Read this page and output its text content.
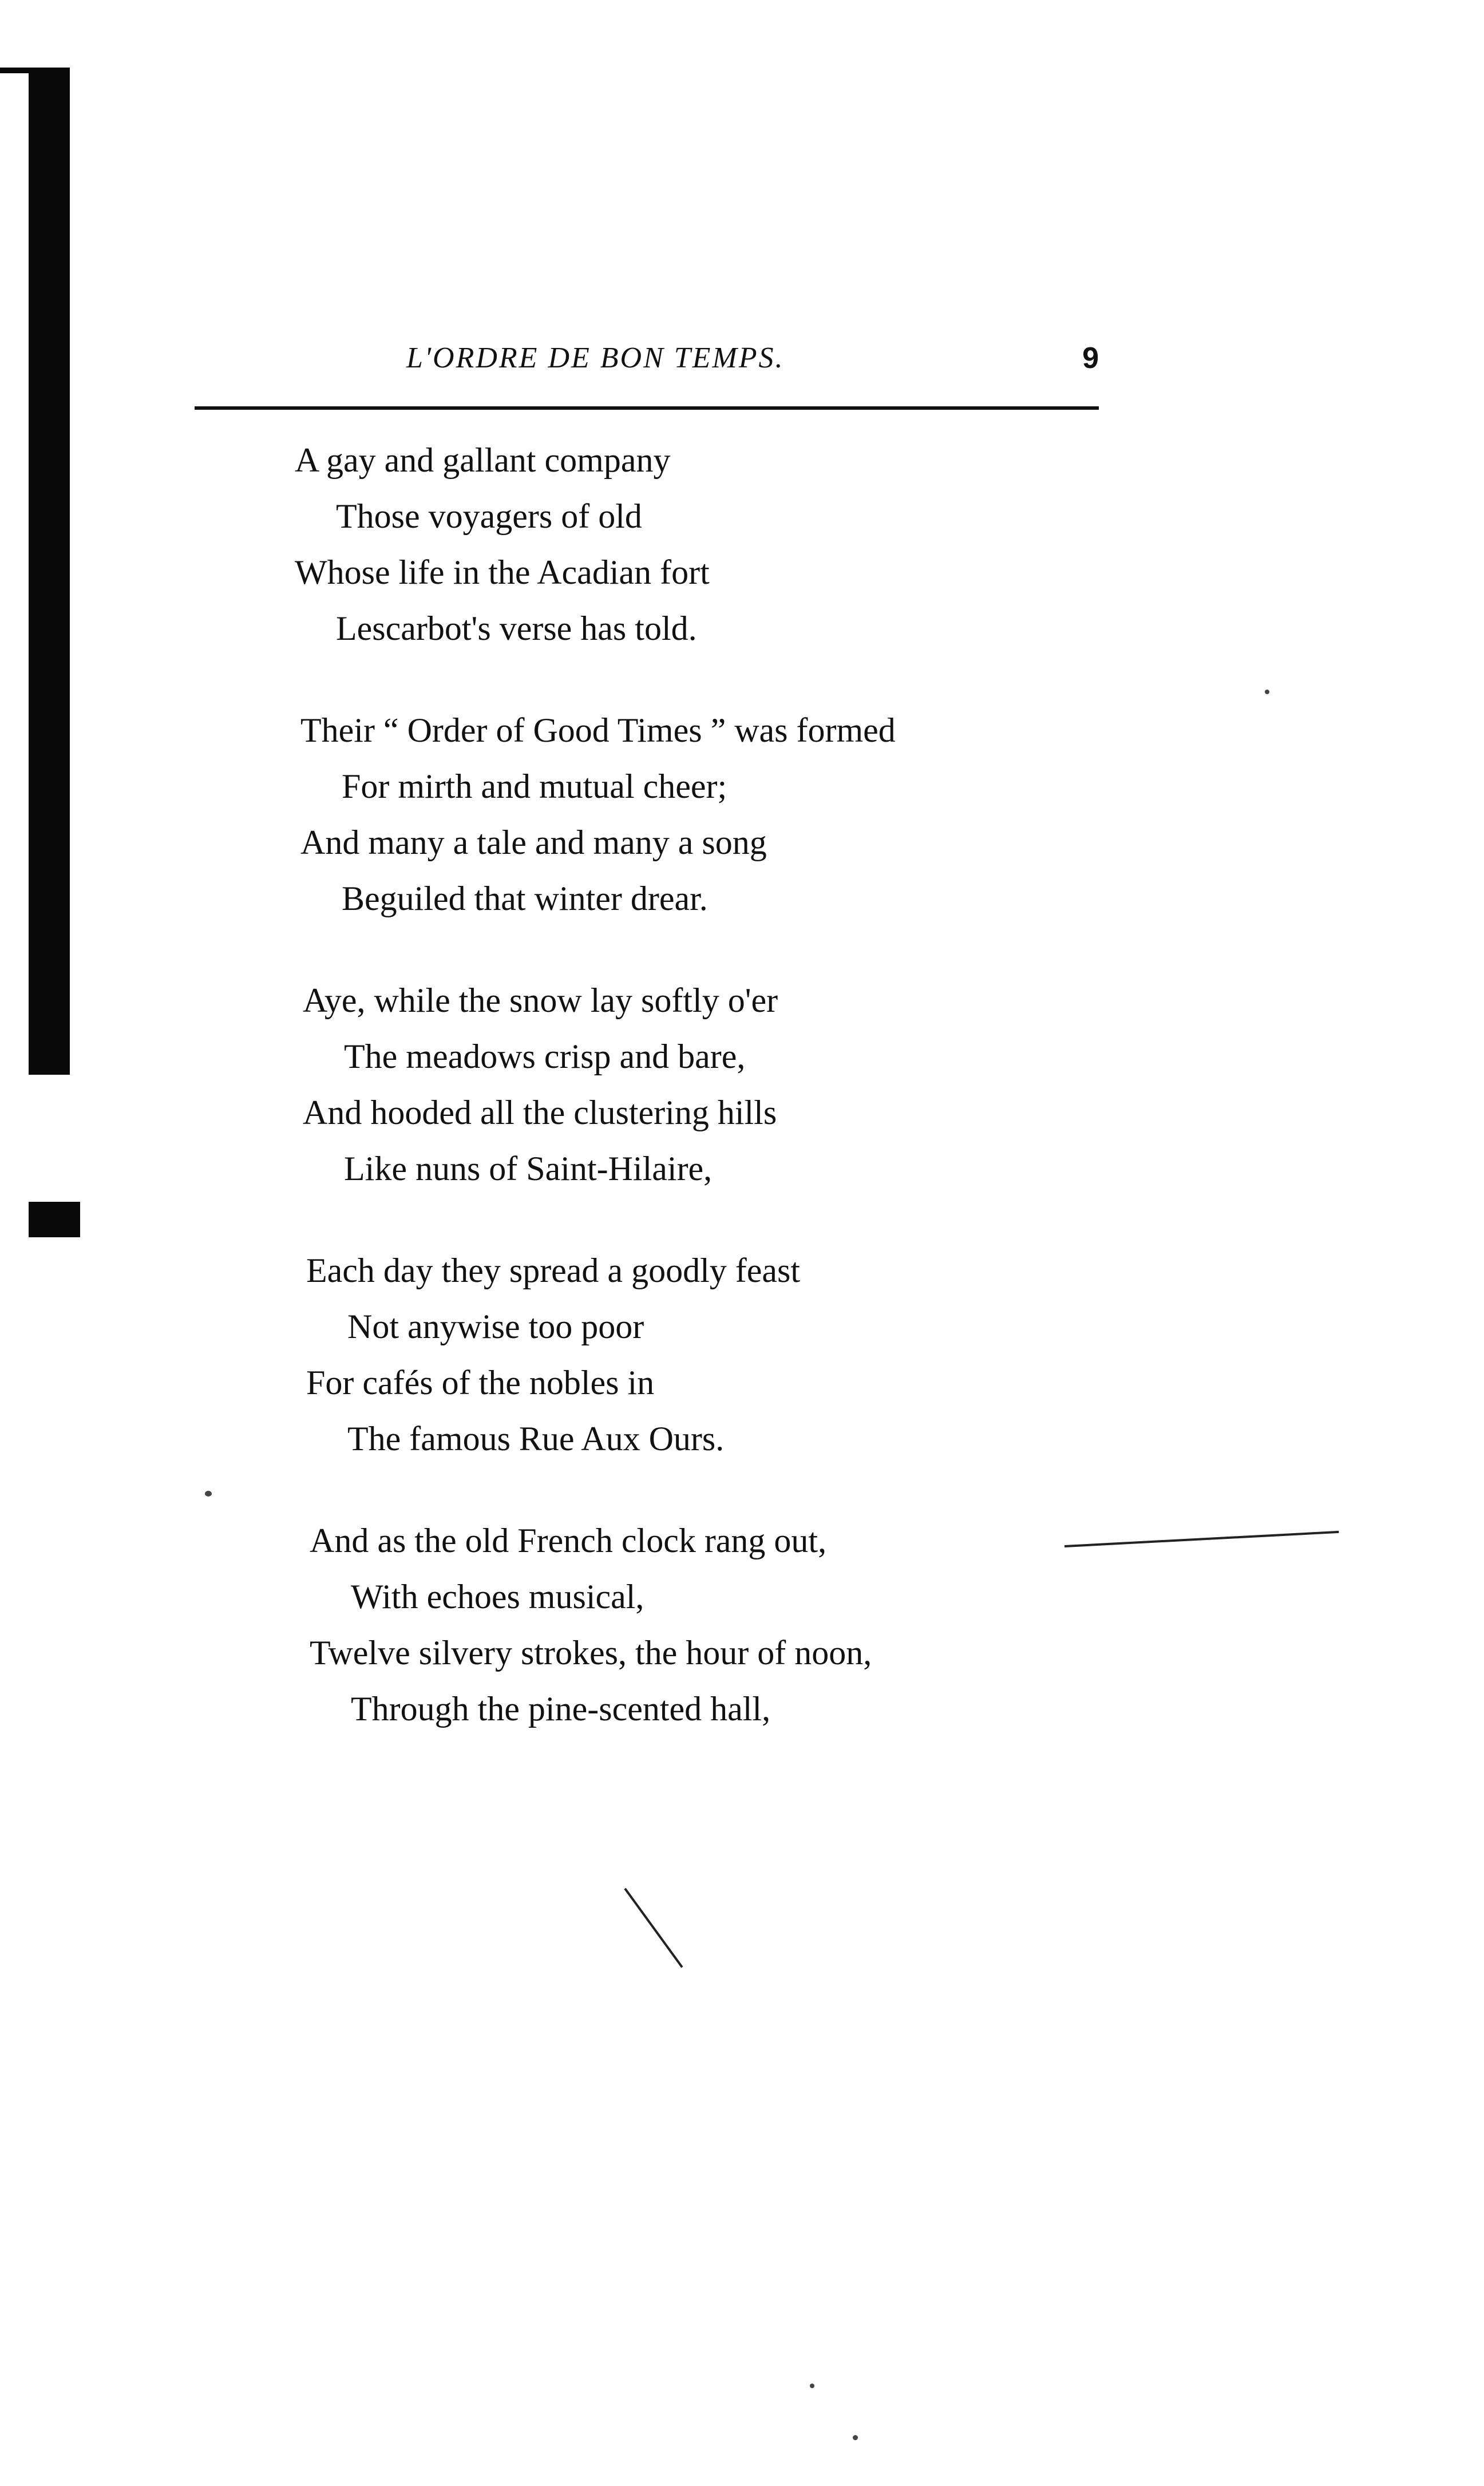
L'ORDRE DE BON TEMPS.	9
A gay and gallant company
Those voyagers of old
Whose life in the Acadian fort
Lescarbot's verse has told.
Their “ Order of Good Times ” was formed
For mirth and mutual cheer;
And many a tale and many a song
Beguiled that winter drear.
Aye, while the snow lay softly o'er
The meadows crisp and bare,
And hooded all the clustering hills
Like nuns of Saint-Hilaire,
Each day they spread a goodly feast
Not anywise too poor
For cafés of the nobles in
The famous Rue Aux Ours.
And as the old French clock rang out,
With echoes musical,
Twelve silvery strokes, the hour of noon,
Through the pine-scented hall,
